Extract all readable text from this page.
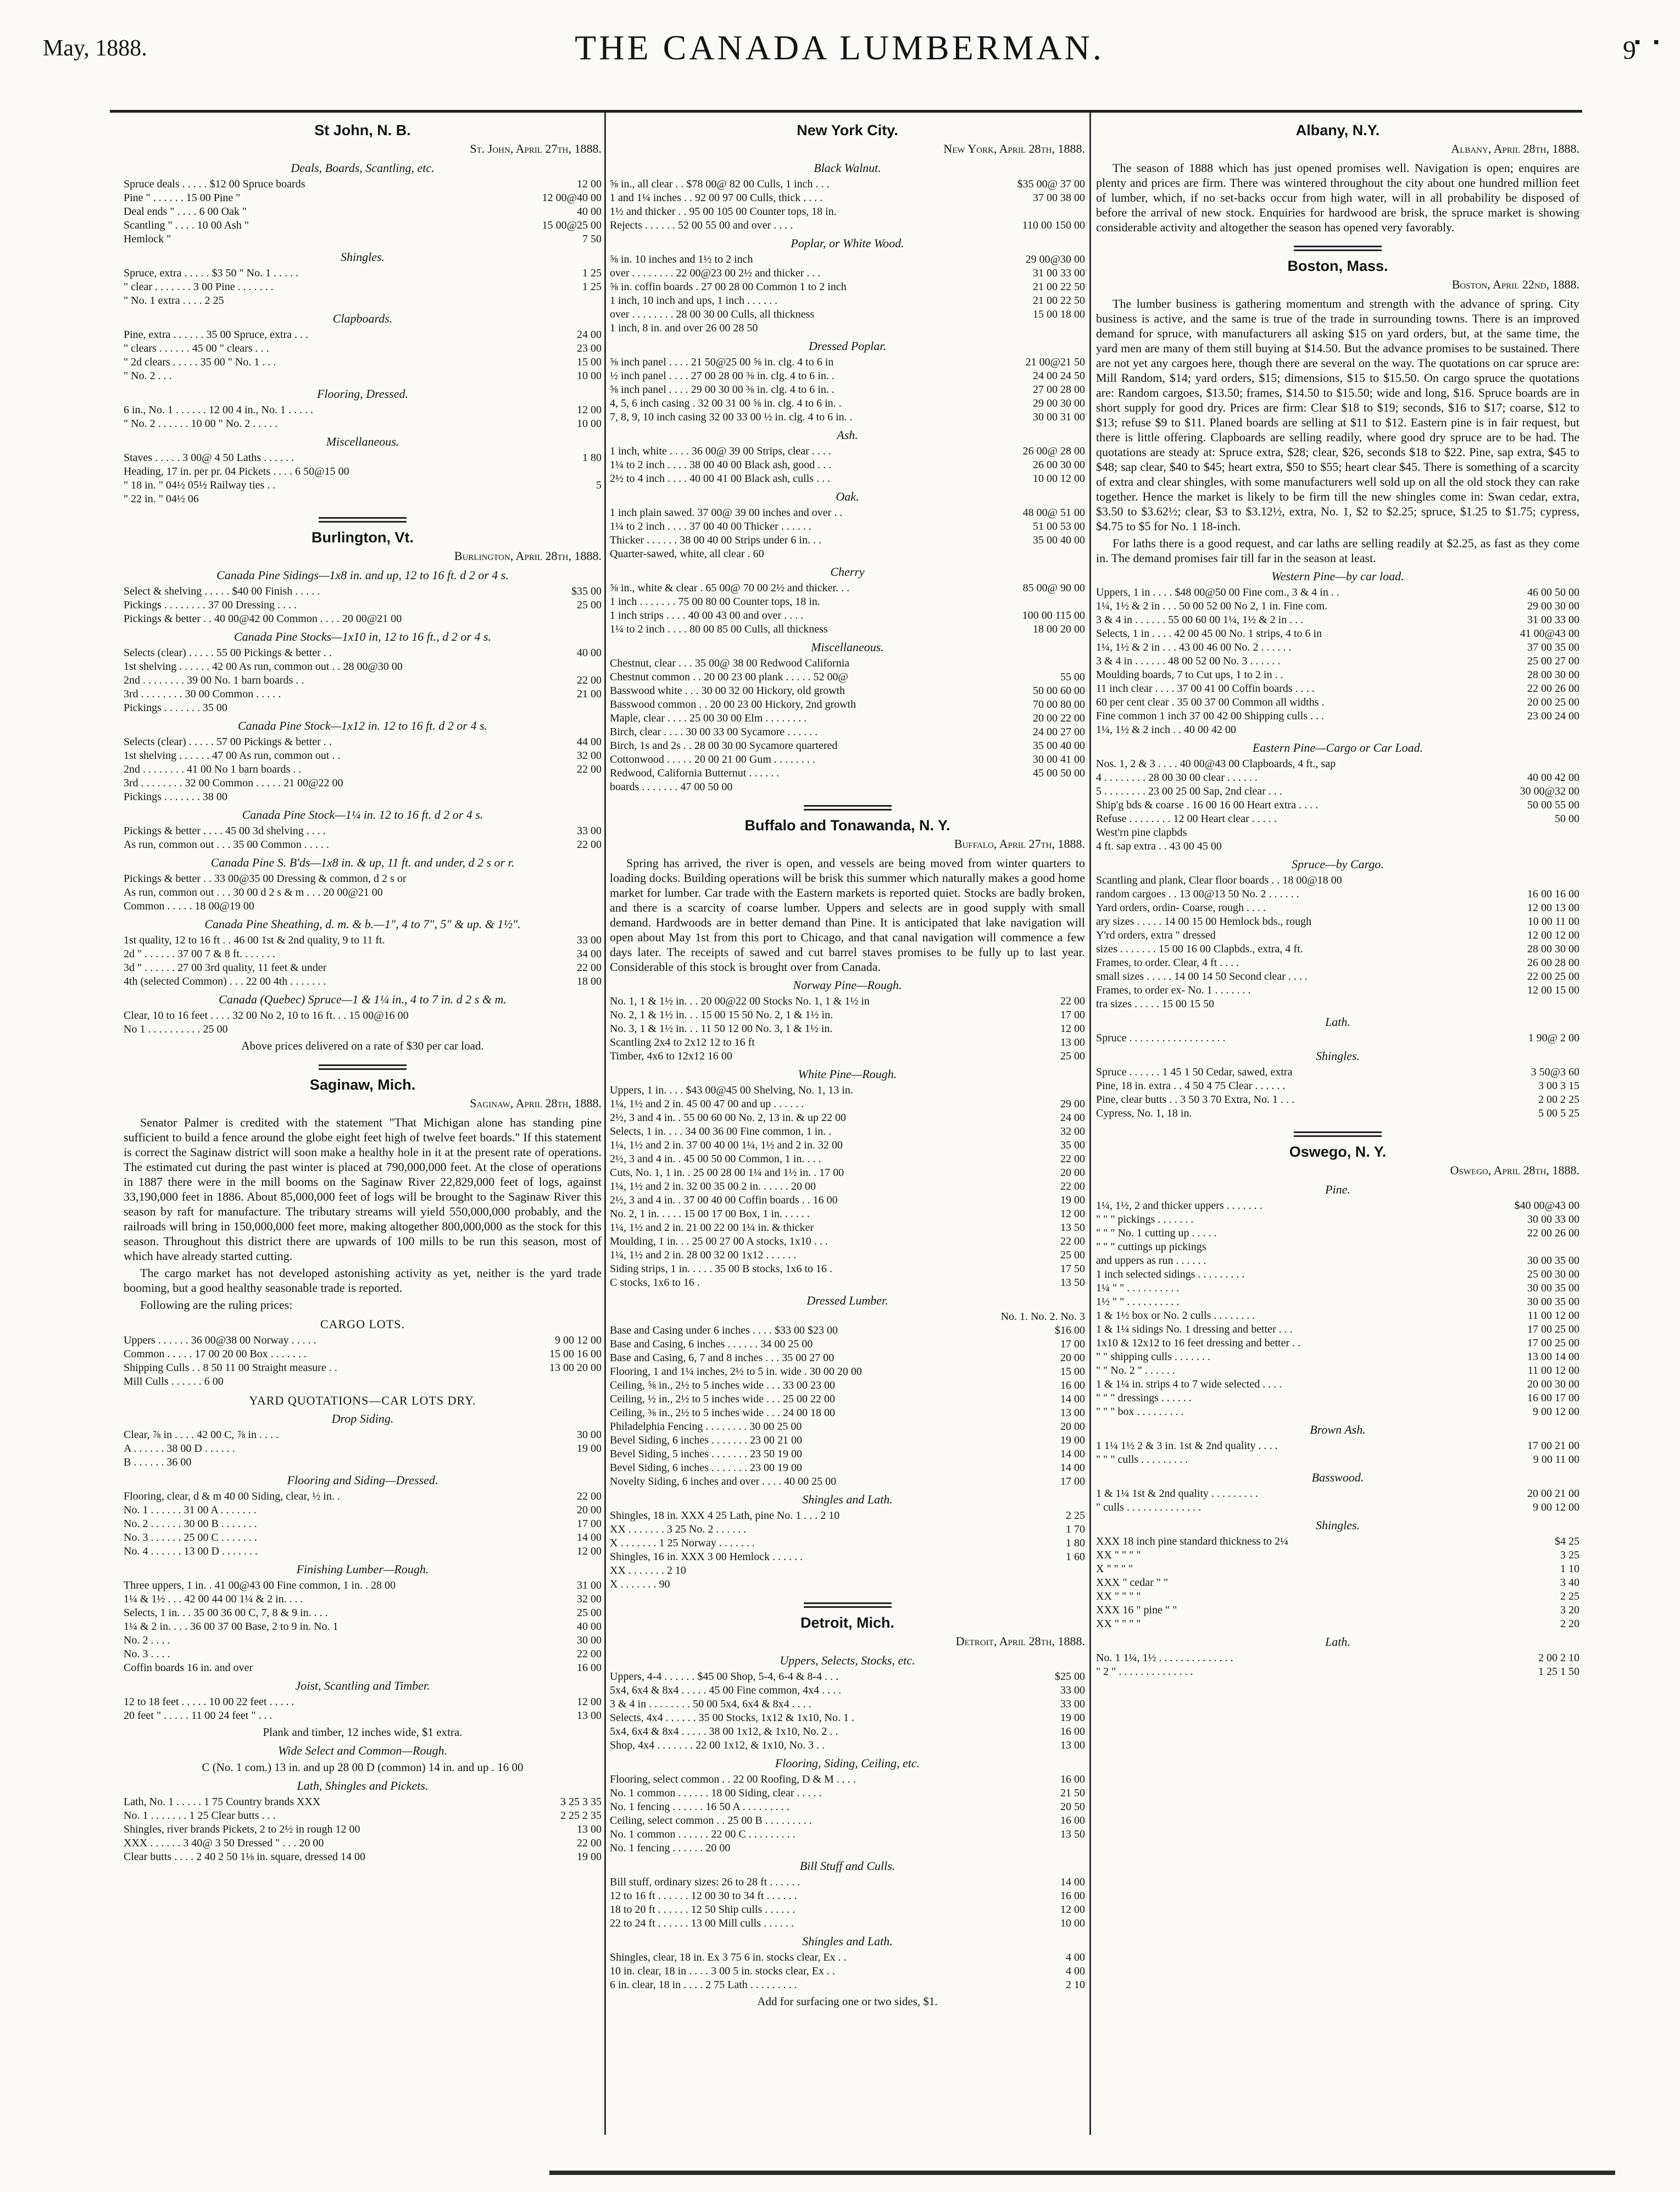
May, 1888.	THE CANADA LUMBERMAN.	9
▪ ▪
St John, N. B.
St. John, April 27th, 1888.
Deals, Boards, Scantling, etc.
Spruce deals . . . . . $12 00 Spruce boards	12 00
Pine " . . . . . . 15 00 Pine "	12 00@40 00
Deal ends " . . . . 6 00 Oak "	40 00
Scantling " . . . . 10 00 Ash "	15 00@25 00
Hemlock "	7 50
Shingles.
Spruce, extra . . . . . $3 50 " No. 1 . . . . .	1 25
" clear . . . . . . . 3 00 Pine . . . . . . .	1 25
" No. 1 extra . . . . 2 25
Clapboards.
Pine, extra . . . . . . 35 00 Spruce, extra . . .	24 00
" clears . . . . . . 45 00 " clears . . .	23 00
" 2d clears . . . . . 35 00 " No. 1 . . .	15 00
" No. 2 . . .	10 00
Flooring, Dressed.
6 in., No. 1 . . . . . . 12 00 4 in., No. 1 . . . . .	12 00
" No. 2 . . . . . . 10 00 " No. 2 . . . . .	10 00
Miscellaneous.
Staves . . . . . 3 00@ 4 50 Laths . . . . . .	1 80
Heading, 17 in. per pr. 04 Pickets . . . . 6 50@15 00
" 18 in. " 04½ 05½ Railway ties . .	5
" 22 in. " 04½ 06
Burlington, Vt.
Burlington, April 28th, 1888.
Canada Pine Sidings—1x8 in. and up, 12 to 16 ft. d 2 or 4 s.
Select & shelving . . . . . $40 00 Finish . . . . .	$35 00
Pickings . . . . . . . . 37 00 Dressing . . . .	25 00
Pickings & better . . 40 00@42 00 Common . . . . 20 00@21 00
Canada Pine Stocks—1x10 in, 12 to 16 ft., d 2 or 4 s.
Selects (clear) . . . . . 55 00 Pickings & better . .	40 00
1st shelving . . . . . . 42 00 As run, common out . . 28 00@30 00
2nd . . . . . . . . 39 00 No. 1 barn boards . .	22 00
3rd . . . . . . . . 30 00 Common . . . . .	21 00
Pickings . . . . . . . 35 00
Canada Pine Stock—1x12 in. 12 to 16 ft. d 2 or 4 s.
Selects (clear) . . . . . 57 00 Pickings & better . .	44 00
1st shelving . . . . . . 47 00 As run, common out . .	32 00
2nd . . . . . . . . 41 00 No 1 barn boards . .	22 00
3rd . . . . . . . . 32 00 Common . . . . . 21 00@22 00
Pickings . . . . . . . 38 00
Canada Pine Stock—1¼ in. 12 to 16 ft. d 2 or 4 s.
Pickings & better . . . . 45 00 3d shelving . . . .	33 00
As run, common out . . . 35 00 Common . . . . .	22 00
Canada Pine S. B'ds—1x8 in. & up, 11 ft. and under, d 2 s or r.
Pickings & better . . 33 00@35 00 Dressing & common, d 2 s or
As run, common out . . . 30 00 d 2 s & m . . . 20 00@21 00
Common . . . . . 18 00@19 00
Canada Pine Sheathing, d. m. & b.—1", 4 to 7", 5" & up. & 1½".
1st quality, 12 to 16 ft . . 46 00 1st & 2nd quality, 9 to 11 ft.	33 00
2d " . . . . . . 37 00 7 & 8 ft. . . . . . .	34 00
3d " . . . . . . 27 00 3rd quality, 11 feet & under	22 00
4th (selected Common) . . . 22 00 4th . . . . . . .	18 00
Canada (Quebec) Spruce—1 & 1¼ in., 4 to 7 in. d 2 s & m.
Clear, 10 to 16 feet . . . . 32 00 No 2, 10 to 16 ft. . . 15 00@16 00
No 1 . . . . . . . . . . 25 00
Above prices delivered on a rate of $30 per car load.
Saginaw, Mich.
Saginaw, April 28th, 1888.
Senator Palmer is credited with the statement "That Michigan alone has standing pine sufficient to build a fence around the globe eight feet high of twelve feet boards." If this statement is correct the Saginaw district will soon make a healthy hole in it at the present rate of operations. The estimated cut during the past winter is placed at 790,000,000 feet. At the close of operations in 1887 there were in the mill booms on the Saginaw River 22,829,000 feet of logs, against 33,190,000 feet in 1886. About 85,000,000 feet of logs will be brought to the Saginaw River this season by raft for manufacture. The tributary streams will yield 550,000,000 probably, and the railroads will bring in 150,000,000 feet more, making altogether 800,000,000 as the stock for this season. Throughout this district there are upwards of 100 mills to be run this season, most of which have already started cutting.
The cargo market has not developed astonishing activity as yet, neither is the yard trade booming, but a good healthy seasonable trade is reported.
Following are the ruling prices:
CARGO LOTS.
Uppers . . . . . . 36 00@38 00 Norway . . . . .	9 00 12 00
Common . . . . . 17 00 20 00 Box . . . . . . .	15 00 16 00
Shipping Culls . . 8 50 11 00 Straight measure . .	13 00 20 00
Mill Culls . . . . . . 6 00
YARD QUOTATIONS—CAR LOTS DRY.
Drop Siding.
Clear, ⅞ in . . . . 42 00 C, ⅞ in . . . .	30 00
A . . . . . . 38 00 D . . . . . .	19 00
B . . . . . . 36 00
Flooring and Siding—Dressed.
Flooring, clear, d & m 40 00 Siding, clear, ½ in. .	22 00
No. 1 . . . . . . 31 00 A . . . . . . .	20 00
No. 2 . . . . . . 30 00 B . . . . . . .	17 00
No. 3 . . . . . . 25 00 C . . . . . . .	14 00
No. 4 . . . . . . 13 00 D . . . . . . .	12 00
Finishing Lumber—Rough.
Three uppers, 1 in. . 41 00@43 00 Fine common, 1 in. . 28 00	31 00
1¼ & 1½ . . . 42 00 44 00 1¼ & 2 in. . . .	32 00
Selects, 1 in. . . 35 00 36 00 C, 7, 8 & 9 in. . . .	25 00
1¼ & 2 in. . . . 36 00 37 00 Base, 2 to 9 in. No. 1	40 00
No. 2 . . . .	30 00
No. 3 . . . .	22 00
Coffin boards 16 in. and over	16 00
Joist, Scantling and Timber.
12 to 18 feet . . . . . 10 00 22 feet . . . . .	12 00
20 feet " . . . . . 11 00 24 feet " . . .	13 00
Plank and timber, 12 inches wide, $1 extra.
Wide Select and Common—Rough.
C (No. 1 com.) 13 in. and up 28 00 D (common) 14 in. and up . 16 00
Lath, Shingles and Pickets.
Lath, No. 1 . . . . . 1 75 Country brands XXX	3 25 3 35
No. 1 . . . . . . . 1 25 Clear butts . . .	2 25 2 35
Shingles, river brands Pickets, 2 to 2½ in rough 12 00	13 00
XXX . . . . . . 3 40@ 3 50 Dressed " . . . 20 00	22 00
Clear butts . . . . 2 40 2 50 1⅛ in. square, dressed 14 00	19 00
New York City.
New York, April 28th, 1888.
Black Walnut.
⅝ in., all clear . . $78 00@ 82 00 Culls, 1 inch . . .	$35 00@ 37 00
1 and 1¼ inches . . 92 00 97 00 Culls, thick . . . .	37 00 38 00
1½ and thicker . . 95 00 105 00 Counter tops, 18 in.
Rejects . . . . . . 52 00 55 00 and over . . . .	110 00 150 00
Poplar, or White Wood.
⅝ in. 10 inches and 1½ to 2 inch	29 00@30 00
over . . . . . . . . 22 00@23 00 2½ and thicker . . .	31 00 33 00
⅝ in. coffin boards . 27 00 28 00 Common 1 to 2 inch	21 00 22 50
1 inch, 10 inch and ups, 1 inch . . . . . .	21 00 22 50
over . . . . . . . . 28 00 30 00 Culls, all thickness	15 00 18 00
1 inch, 8 in. and over 26 00 28 50
Dressed Poplar.
⅝ inch panel . . . . 21 50@25 00 ⅝ in. clg. 4 to 6 in	21 00@21 50
½ inch panel . . . . 27 00 28 00 ⅜ in. clg. 4 to 6 in. .	24 00 24 50
⅝ inch panel . . . . 29 00 30 00 ⅜ in. clg. 4 to 6 in. .	27 00 28 00
4, 5, 6 inch casing . 32 00 31 00 ⅝ in. clg. 4 to 6 in. .	29 00 30 00
7, 8, 9, 10 inch casing 32 00 33 00 ½ in. clg. 4 to 6 in. .	30 00 31 00
Ash.
1 inch, white . . . . 36 00@ 39 00 Strips, clear . . . .	26 00@ 28 00
1¼ to 2 inch . . . . 38 00 40 00 Black ash, good . . .	26 00 30 00
2½ to 4 inch . . . . 40 00 41 00 Black ash, culls . . .	10 00 12 00
Oak.
1 inch plain sawed. 37 00@ 39 00 inches and over . .	48 00@ 51 00
1¼ to 2 inch . . . . 37 00 40 00 Thicker . . . . . .	51 00 53 00
Thicker . . . . . . 38 00 40 00 Strips under 6 in. . .	35 00 40 00
Quarter-sawed, white, all clear . 60
Cherry
⅝ in., white & clear . 65 00@ 70 00 2½ and thicker. . .	85 00@ 90 00
1 inch . . . . . . . 75 00 80 00 Counter tops, 18 in.
1 inch strips . . . . 40 00 43 00 and over . . . .	100 00 115 00
1¼ to 2 inch . . . . 80 00 85 00 Culls, all thickness	18 00 20 00
Miscellaneous.
Chestnut, clear . . . 35 00@ 38 00 Redwood California
Chestnut common . . 20 00 23 00 plank . . . . . 52 00@	55 00
Basswood white . . . 30 00 32 00 Hickory, old growth	50 00 60 00
Basswood common . . 20 00 23 00 Hickory, 2nd growth	70 00 80 00
Maple, clear . . . . 25 00 30 00 Elm . . . . . . . .	20 00 22 00
Birch, clear . . . . 30 00 33 00 Sycamore . . . . . .	24 00 27 00
Birch, 1s and 2s . . 28 00 30 00 Sycamore quartered	35 00 40 00
Cottonwood . . . . . 20 00 21 00 Gum . . . . . . . .	30 00 41 00
Redwood, California Butternut . . . . . .	45 00 50 00
boards . . . . . . . 47 00 50 00
Buffalo and Tonawanda, N. Y.
Buffalo, April 27th, 1888.
Spring has arrived, the river is open, and vessels are being moved from winter quarters to loading docks. Building operations will be brisk this summer which naturally makes a good home market for lumber. Car trade with the Eastern markets is reported quiet. Stocks are badly broken, and there is a scarcity of coarse lumber. Uppers and selects are in good supply with small demand. Hardwoods are in better demand than Pine. It is anticipated that lake navigation will open about May 1st from this port to Chicago, and that canal navigation will commence a few days later. The receipts of sawed and cut barrel staves promises to be fully up to last year. Considerable of this stock is brought over from Canada.
Norway Pine—Rough.
No. 1, 1 & 1½ in. . . 20 00@22 00 Stocks No. 1, 1 & 1½ in	22 00
No. 2, 1 & 1½ in. . . 15 00 15 50 No. 2, 1 & 1½ in.	17 00
No. 3, 1 & 1½ in. . . 11 50 12 00 No. 3, 1 & 1½ in.	12 00
Scantling 2x4 to 2x12 12 to 16 ft	13 00
Timber, 4x6 to 12x12 16 00	25 00
White Pine—Rough.
Uppers, 1 in. . . . $43 00@45 00 Shelving, No. 1, 13 in.
1¼, 1½ and 2 in. 45 00 47 00 and up . . . . . .	29 00
2½, 3 and 4 in. . 55 00 60 00 No. 2, 13 in. & up 22 00	24 00
Selects, 1 in. . . . 34 00 36 00 Fine common, 1 in. .	32 00
1¼, 1½ and 2 in. 37 00 40 00 1¼, 1½ and 2 in. 32 00	35 00
2½, 3 and 4 in. . 45 00 50 00 Common, 1 in. . . .	22 00
Cuts, No. 1, 1 in. . 25 00 28 00 1¼ and 1½ in. . 17 00	20 00
1¼, 1½ and 2 in. 32 00 35 00 2 in. . . . . . 20 00	22 00
2½, 3 and 4 in. . 37 00 40 00 Coffin boards . . 16 00	19 00
No. 2, 1 in. . . . . 15 00 17 00 Box, 1 in. . . . . .	12 00
1¼, 1½ and 2 in. 21 00 22 00 1¼ in. & thicker	13 50
Moulding, 1 in. . . 25 00 27 00 A stocks, 1x10 . . .	22 00
1¼, 1½ and 2 in. 28 00 32 00 1x12 . . . . . .	25 00
Siding strips, 1 in. . . . . 35 00 B stocks, 1x6 to 16 .	17 50
C stocks, 1x6 to 16 .	13 50
Dressed Lumber.
No. 1. No. 2. No. 3
Base and Casing under 6 inches . . . . $33 00 $23 00	$16 00
Base and Casing, 6 inches . . . . . . 34 00 25 00	17 00
Base and Casing, 6, 7 and 8 inches . . . 35 00 27 00	20 00
Flooring, 1 and 1¼ inches, 2½ to 5 in. wide . 30 00 20 00	15 00
Ceiling, ⅝ in., 2½ to 5 inches wide . . . 33 00 23 00	16 00
Ceiling, ½ in., 2½ to 5 inches wide . . . 25 00 22 00	14 00
Ceiling, ⅜ in., 2½ to 5 inches wide . . . 24 00 18 00	13 00
Philadelphia Fencing . . . . . . . . 30 00 25 00	20 00
Bevel Siding, 6 inches . . . . . . . 23 00 21 00	19 00
Bevel Siding, 5 inches . . . . . . . 23 50 19 00	14 00
Bevel Siding, 6 inches . . . . . . . 23 00 19 00	14 00
Novelty Siding, 6 inches and over . . . . 40 00 25 00	17 00
Shingles and Lath.
Shingles, 18 in. XXX 4 25 Lath, pine No. 1 . . . 2 10	2 25
XX . . . . . . . 3 25 No. 2 . . . . . .	1 70
X . . . . . . . 1 25 Norway . . . . . . .	1 80
Shingles, 16 in. XXX 3 00 Hemlock . . . . . .	1 60
XX . . . . . . . 2 10
X . . . . . . . 90
Detroit, Mich.
Detroit, April 28th, 1888.
Uppers, Selects, Stocks, etc.
Uppers, 4-4 . . . . . . $45 00 Shop, 5-4, 6-4 & 8-4 . . .	$25 00
5x4, 6x4 & 8x4 . . . . . 45 00 Fine common, 4x4 . . . .	33 00
3 & 4 in . . . . . . . . 50 00 5x4, 6x4 & 8x4 . . . .	33 00
Selects, 4x4 . . . . . . 35 00 Stocks, 1x12 & 1x10, No. 1 .	19 00
5x4, 6x4 & 8x4 . . . . . 38 00 1x12, & 1x10, No. 2 . .	16 00
Shop, 4x4 . . . . . . . 22 00 1x12, & 1x10, No. 3 . .	13 00
Flooring, Siding, Ceiling, etc.
Flooring, select common . . 22 00 Roofing, D & M . . . .	16 00
No. 1 common . . . . . . 18 00 Siding, clear . . . . .	21 50
No. 1 fencing . . . . . . 16 50 A . . . . . . . . .	20 50
Ceiling, select common . . 25 00 B . . . . . . . . .	16 00
No. 1 common . . . . . . 22 00 C . . . . . . . . .	13 50
No. 1 fencing . . . . . . 20 00
Bill Stuff and Culls.
Bill stuff, ordinary sizes: 26 to 28 ft . . . . . .	14 00
12 to 16 ft . . . . . . 12 00 30 to 34 ft . . . . . .	16 00
18 to 20 ft . . . . . . 12 50 Ship culls . . . . . .	12 00
22 to 24 ft . . . . . . 13 00 Mill culls . . . . . .	10 00
Shingles and Lath.
Shingles, clear, 18 in. Ex 3 75 6 in. stocks clear, Ex . .	4 00
10 in. clear, 18 in . . . . 3 00 5 in. stocks clear, Ex . .	4 00
6 in. clear, 18 in . . . . 2 75 Lath . . . . . . . . .	2 10
Add for surfacing one or two sides, $1.
Albany, N.Y.
Albany, April 28th, 1888.
The season of 1888 which has just opened promises well. Navigation is open; enquires are plenty and prices are firm. There was wintered throughout the city about one hundred million feet of lumber, which, if no set-backs occur from high water, will in all probability be disposed of before the arrival of new stock. Enquiries for hardwood are brisk, the spruce market is showing considerable activity and altogether the season has opened very favorably.
Boston, Mass.
Boston, April 22nd, 1888.
The lumber business is gathering momentum and strength with the advance of spring. City business is active, and the same is true of the trade in surrounding towns. There is an improved demand for spruce, with manufacturers all asking $15 on yard orders, but, at the same time, the yard men are many of them still buying at $14.50. But the advance promises to be sustained. There are not yet any cargoes here, though there are several on the way. The quotations on car spruce are: Mill Random, $14; yard orders, $15; dimensions, $15 to $15.50. On cargo spruce the quotations are: Random cargoes, $13.50; frames, $14.50 to $15.50; wide and long, $16. Spruce boards are in short supply for good dry. Prices are firm: Clear $18 to $19; seconds, $16 to $17; coarse, $12 to $13; refuse $9 to $11. Planed boards are selling at $11 to $12. Eastern pine is in fair request, but there is little offering. Clapboards are selling readily, where good dry spruce are to be had. The quotations are steady at: Spruce extra, $28; clear, $26, seconds $18 to $22. Pine, sap extra, $45 to $48; sap clear, $40 to $45; heart extra, $50 to $55; heart clear $45. There is something of a scarcity of extra and clear shingles, with some manufacturers well sold up on all the old stock they can rake together. Hence the market is likely to be firm till the new shingles come in: Swan cedar, extra, $3.50 to $3.62½; clear, $3 to $3.12½, extra, No. 1, $2 to $2.25; spruce, $1.25 to $1.75; cypress, $4.75 to $5 for No. 1 18-inch.
For laths there is a good request, and car laths are selling readily at $2.25, as fast as they come in. The demand promises fair till far in the season at least.
Western Pine—by car load.
Uppers, 1 in . . . . $48 00@50 00 Fine com., 3 & 4 in . .	46 00 50 00
1¼, 1½ & 2 in . . . 50 00 52 00 No 2, 1 in. Fine com.	29 00 30 00
3 & 4 in . . . . . . 55 00 60 00 1¼, 1½ & 2 in . . .	31 00 33 00
Selects, 1 in . . . . 42 00 45 00 No. 1 strips, 4 to 6 in	41 00@43 00
1¼, 1½ & 2 in . . . 43 00 46 00 No. 2 . . . . . .	37 00 35 00
3 & 4 in . . . . . . 48 00 52 00 No. 3 . . . . . .	25 00 27 00
Moulding boards, 7 to Cut ups, 1 to 2 in . .	28 00 30 00
11 inch clear . . . . 37 00 41 00 Coffin boards . . . .	22 00 26 00
60 per cent clear . 35 00 37 00 Common all widths .	20 00 25 00
Fine common 1 inch 37 00 42 00 Shipping culls . . .	23 00 24 00
1¼, 1½ & 2 inch . . 40 00 42 00
Eastern Pine—Cargo or Car Load.
Nos. 1, 2 & 3 . . . . 40 00@43 00 Clapboards, 4 ft., sap
4 . . . . . . . . 28 00 30 00 clear . . . . . .	40 00 42 00
5 . . . . . . . . 23 00 25 00 Sap, 2nd clear . . .	30 00@32 00
Ship'g bds & coarse . 16 00 16 00 Heart extra . . . .	50 00 55 00
Refuse . . . . . . . . 12 00 Heart clear . . . . .	50 00
West'rn pine clapbds
4 ft. sap extra . . 43 00 45 00
Spruce—by Cargo.
Scantling and plank, Clear floor boards . . 18 00@18 00
random cargoes . . 13 00@13 50 No. 2 . . . . . .	16 00 16 00
Yard orders, ordin- Coarse, rough . . . .	12 00 13 00
ary sizes . . . . . 14 00 15 00 Hemlock bds., rough	10 00 11 00
Y'rd orders, extra " dressed	12 00 12 00
sizes . . . . . . . 15 00 16 00 Clapbds., extra, 4 ft.	28 00 30 00
Frames, to order. Clear, 4 ft . . . .	26 00 28 00
small sizes . . . . . 14 00 14 50 Second clear . . . .	22 00 25 00
Frames, to order ex- No. 1 . . . . . . .	12 00 15 00
tra sizes . . . . . 15 00 15 50
Lath.
Spruce . . . . . . . . . . . . . . . . . .	1 90@ 2 00
Shingles.
Spruce . . . . . . 1 45 1 50 Cedar, sawed, extra	3 50@3 60
Pine, 18 in. extra . . 4 50 4 75 Clear . . . . . .	3 00 3 15
Pine, clear butts . . 3 50 3 70 Extra, No. 1 . . .	2 00 2 25
Cypress, No. 1, 18 in.	5 00 5 25
Oswego, N. Y.
Oswego, April 28th, 1888.
Pine.
1¼, 1½, 2 and thicker uppers . . . . . . .	$40 00@43 00
" " " pickings . . . . . . .	30 00 33 00
" " " No. 1 cutting up . . . . .	22 00 26 00
" " " cuttings up pickings
and uppers as run . . . . . .	30 00 35 00
1 inch selected sidings . . . . . . . . .	25 00 30 00
1¼ " " . . . . . . . . . .	30 00 35 00
1½ " " . . . . . . . . . .	30 00 35 00
1 & 1½ box or No. 2 culls . . . . . . . .	11 00 12 00
1 & 1¼ sidings No. 1 dressing and better . . .	17 00 25 00
1x10 & 12x12 to 16 feet dressing and better . .	17 00 25 00
" " shipping culls . . . . . . .	13 00 14 00
" " No. 2 " . . . . . .	11 00 12 00
1 & 1¼ in. strips 4 to 7 wide selected . . . .	20 00 30 00
" " " dressings . . . . . .	16 00 17 00
" " " box . . . . . . . . .	9 00 12 00
Brown Ash.
1 1¼ 1½ 2 & 3 in. 1st & 2nd quality . . . .	17 00 21 00
" " " culls . . . . . . . . .	9 00 11 00
Basswood.
1 & 1¼ 1st & 2nd quality . . . . . . . . .	20 00 21 00
" culls . . . . . . . . . . . . . .	9 00 12 00
Shingles.
XXX 18 inch pine standard thickness to 2¼	$4 25
XX " " " "	3 25
X " " " "	1 10
XXX " cedar " "	3 40
XX " " " "	2 25
XXX 16 " pine " "	3 20
XX " " " "	2 20
Lath.
No. 1 1¼, 1½ . . . . . . . . . . . . . .	2 00 2 10
" 2 " . . . . . . . . . . . . . .	1 25 1 50
